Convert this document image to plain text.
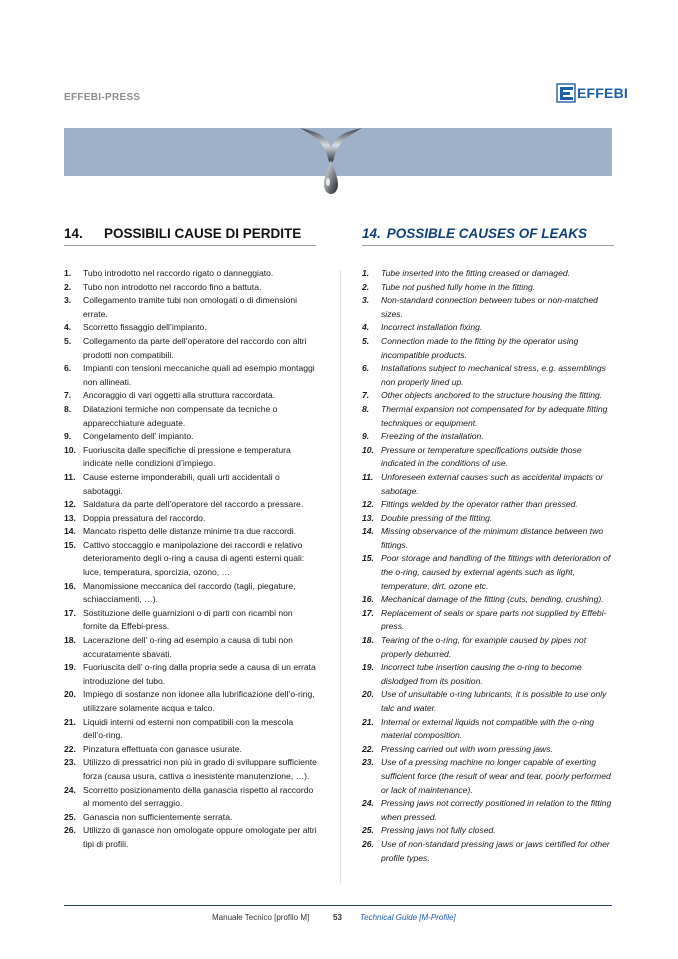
EFFEBI-PRESS	EFFEBI
14. POSSIBILI CAUSE DI PERDITE	14. POSSIBLE CAUSES OF LEAKS
1.	Tubo introdotto nel raccordo rigato o danneggiato.
2.	Tubo non introdotto nel raccordo fino a battuta.
3.	Collegamento tramite tubi non omologati o di dimensioni errate.
4.	Scorretto fissaggio dell’impianto.
5.	Collegamento da parte dell’operatore del raccordo con altri prodotti non compatibili.
6.	Impianti con tensioni meccaniche quali ad esempio montaggi non allineati.
7.	Ancoraggio di vari oggetti alla struttura raccordata.
8.	Dilatazioni termiche non compensate da tecniche o apparecchiature adeguate.
9.	Congelamento dell’ impianto.
10. Fuoriuscita dalle specifiche di pressione e temperatura indicate nelle condizioni d’impiego.
11. Cause esterne imponderabili, quali urti accidentali o sabotaggi.
12. Saldatura da parte dell’operatore del raccordo a pressare.
13. Doppia pressatura del raccordo.
14. Mancato rispetto delle distanze minime tra due raccordi.
15. Cattivo stoccaggio e manipolazione dei raccordi e relativo deterioramento degli o-ring a causa di agenti esterni quali: luce, temperatura, sporcizia, ozono, …
16. Manomissione meccanica del raccordo (tagli, piegature, schiacciamenti, …).
17. Sostituzione delle guarnizioni o di parti con ricambi non fornite da Effebi-press.
18. Lacerazione dell’ o-ring ad esempio a causa di tubi non accuratamente sbavati.
19. Fuoriuscita dell’ o-ring dalla propria sede a causa di un errata introduzione del tubo.
20. Impiego di sostanze non idonee alla lubrificazione dell’o-ring, utilizzare solamente acqua e talco.
21. Liquidi interni od esterni non compatibili con la mescola dell’o-ring.
22. Pinzatura effettuata con ganasce usurate.
23. Utilizzo di pressatrici non più in grado di sviluppare sufficiente forza (causa usura, cattiva o inesistente manutenzione, …).
24. Scorretto posizionamento della ganascia rispetto al raccordo al momento del serraggio.
25. Ganascia non sufficientemente serrata.
26. Utilizzo di ganasce non omologate oppure omologate per altri tipi di profili.
1.	Tube inserted into the fitting creased or damaged.
2.	Tube not pushed fully home in the fitting.
3.	Non-standard connection between tubes or non-matched sizes.
4.	Incorrect installation fixing.
5.	Connection made to the fitting by the operator using incompatible products.
6.	Installations subject to mechanical stress, e.g. assemblings non properly lined up.
7.	Other objects anchored to the structure housing the fitting.
8.	Thermal expansion not compensated for by adequate fitting techniques or equipment.
9.	Freezing of the installation.
10. Pressure or temperature specifications outside those indicated in the conditions of use.
11. Unforeseen external causes such as accidental impacts or sabotage.
12. Fittings welded by the operator rather than pressed.
13. Double pressing of the fitting.
14. Missing observance of the minimum distance between two fittings.
15. Poor storage and handling of the fittings with deterioration of the o-ring, caused by external agents such as light, temperature, dirt, ozone etc.
16. Mechanical damage of the fitting (cuts, bending, crushing).
17. Replacement of seals or spare parts not supplied by Effebi-press.
18. Tearing of the o-ring, for example caused by pipes not properly deburred.
19. Incorrect tube insertion causing the o-ring to become dislodged from its position.
20. Use of unsuitable o-ring lubricants, it is possible to use only talc and water.
21. Internal or external liquids not compatible with the o-ring material composition.
22. Pressing carried out with worn pressing jaws.
23. Use of a pressing machine no longer capable of exerting sufficient force (the result of wear and tear, poorly performed or lack of maintenance).
24. Pressing jaws not correctly positioned in relation to the fitting when pressed.
25. Pressing jaws not fully closed.
26. Use of non-standard pressing jaws or jaws certified for other profile types.
Manuale Tecnico [profilo M]	53 Technical Guide [M-Profile]
